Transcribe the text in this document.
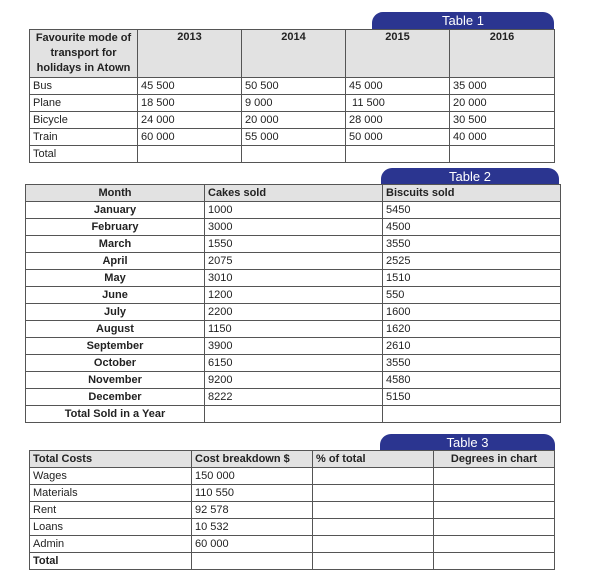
Table 1
Favourite mode of transport for holidays in Atown	2013	2014	2015	2016
Bus	45 500	50 500	45 000	35 000
Plane	18 500	9 000	11 500	20 000
Bicycle	24 000	20 000	28 000	30 500
Train	60 000	55 000	50 000	40 000
Total				
Table 2
Month	Cakes sold	Biscuits sold
January	1000	5450
February	3000	4500
March	1550	3550
April	2075	2525
May	3010	1510
June	1200	550
July	2200	1600
August	1150	1620
September	3900	2610
October	6150	3550
November	9200	4580
December	8222	5150
Total Sold in a Year		
Table 3
Total Costs	Cost breakdown $	% of total	Degrees in chart
Wages	150 000		
Materials	110 550		
Rent	92 578		
Loans	10 532		
Admin	60 000		
Total			
